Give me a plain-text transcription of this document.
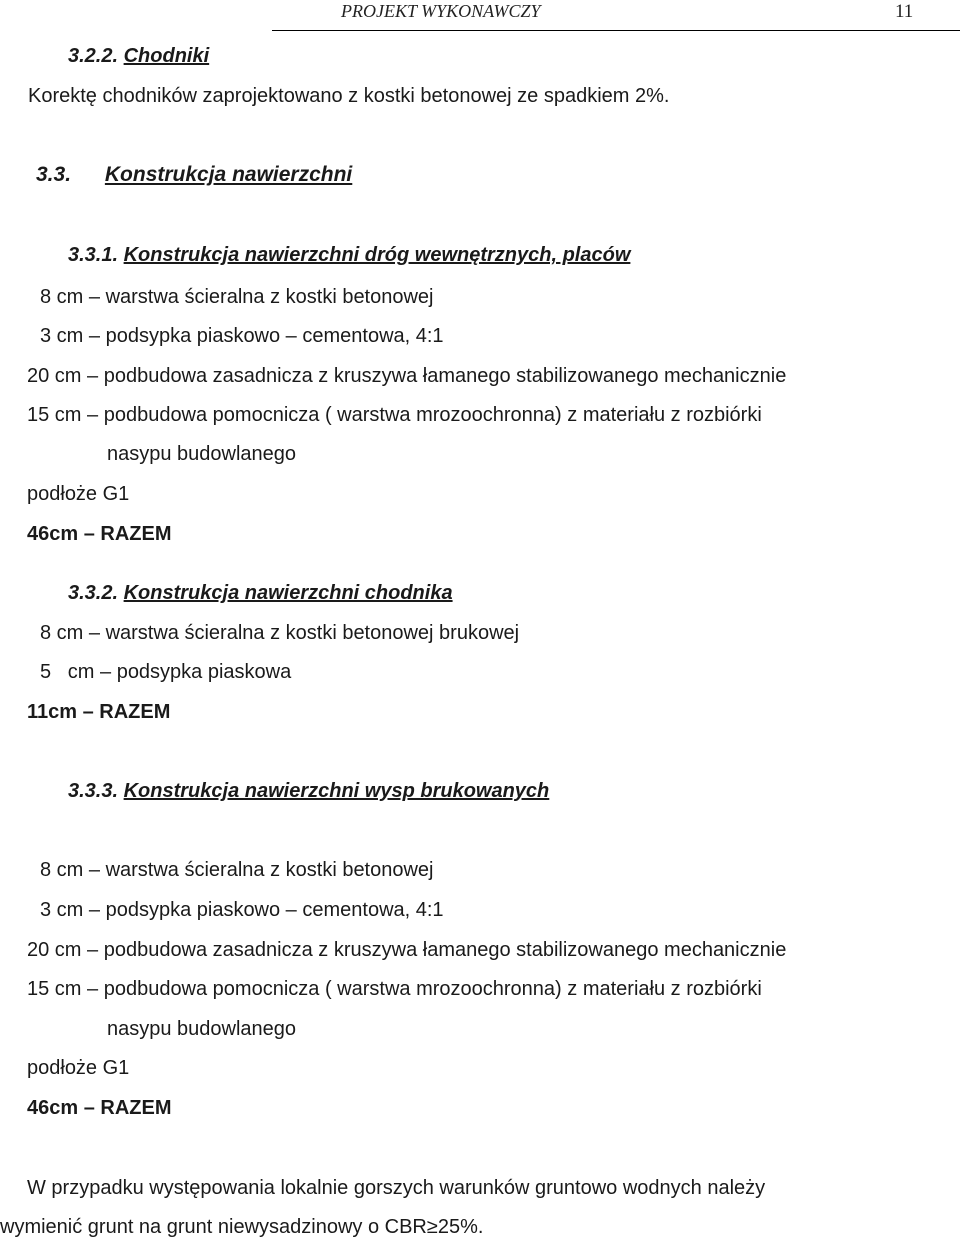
PROJEKT WYKONAWCZY	11
3.2.2. Chodniki
Korektę chodników zaprojektowano z kostki betonowej ze spadkiem 2%.
3.3. Konstrukcja nawierzchni
3.3.1. Konstrukcja nawierzchni dróg wewnętrznych, placów
8 cm – warstwa ścieralna z kostki betonowej
3 cm – podsypka piaskowo – cementowa, 4:1
20 cm – podbudowa zasadnicza z kruszywa łamanego stabilizowanego mechanicznie
15 cm – podbudowa pomocnicza ( warstwa mrozoochronna) z materiału z rozbiórki
nasypu budowlanego
podłoże G1
46cm – RAZEM
3.3.2. Konstrukcja nawierzchni chodnika
8 cm – warstwa ścieralna z kostki betonowej brukowej
5   cm – podsypka piaskowa
11cm – RAZEM
3.3.3. Konstrukcja nawierzchni wysp brukowanych
8 cm – warstwa ścieralna z kostki betonowej
3 cm – podsypka piaskowo – cementowa, 4:1
20 cm – podbudowa zasadnicza z kruszywa łamanego stabilizowanego mechanicznie
15 cm – podbudowa pomocnicza ( warstwa mrozoochronna) z materiału z rozbiórki
nasypu budowlanego
podłoże G1
46cm – RAZEM
W przypadku występowania lokalnie gorszych warunków gruntowo wodnych należy
wymienić grunt na grunt niewysadzinowy o CBR≥25%.
